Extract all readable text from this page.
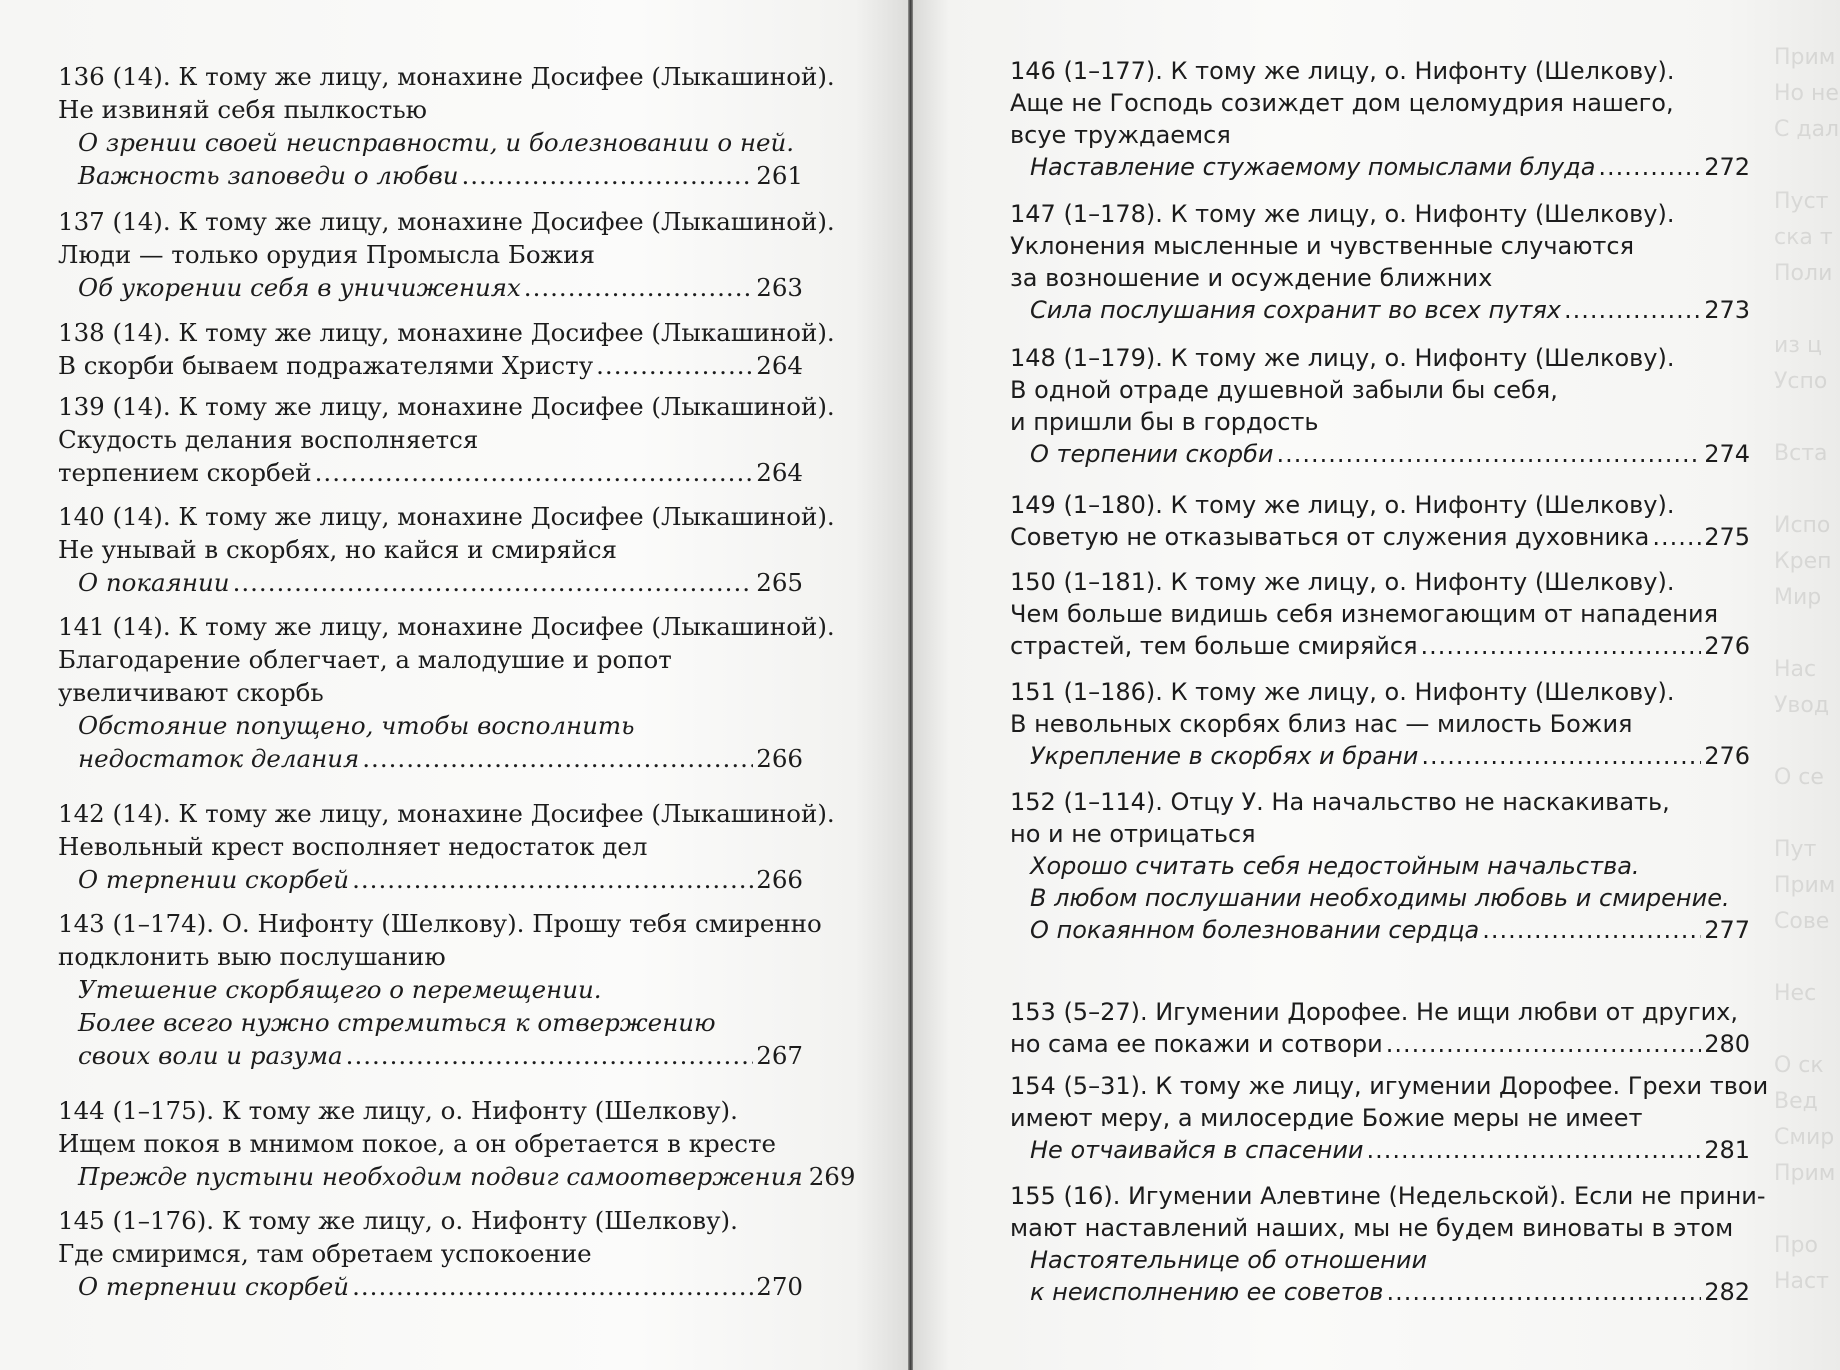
136 (14). К тому же лицу, монахине Досифее (Лыкашиной).
Не извиняй себя пылкостью
О зрении своей неисправности, и болезновании о ней.
Важность заповеди о любви .....	261
137 (14). К тому же лицу, монахине Досифее (Лыкашиной).
Люди — только орудия Промысла Божия
Об укорении себя в уничижениях .....	263
138 (14). К тому же лицу, монахине Досифее (Лыкашиной).
В скорби бываем подражателями Христу .....	264
139 (14). К тому же лицу, монахине Досифее (Лыкашиной).
Скудость делания восполняется
терпением скорбей .....	264
140 (14). К тому же лицу, монахине Досифее (Лыкашиной).
Не унывай в скорбях, но кайся и смиряйся
О покаянии .....	265
141 (14). К тому же лицу, монахине Досифее (Лыкашиной).
Благодарение облегчает, а малодушие и ропот
увеличивают скорбь
Обстояние попущено, чтобы восполнить
недостаток делания .....	266
142 (14). К тому же лицу, монахине Досифее (Лыкашиной).
Невольный крест восполняет недостаток дел
О терпении скорбей .....	266
143 (1–174). О. Нифонту (Шелкову). Прошу тебя смиренно
подклонить выю послушанию
Утешение скорбящего о перемещении.
Более всего нужно стремиться к отвержению
своих воли и разума .....	267
144 (1–175). К тому же лицу, о. Нифонту (Шелкову).
Ищем покоя в мнимом покое, а он обретается в кресте
Прежде пустыни необходим подвиг самоотвержения 269
145 (1–176). К тому же лицу, о. Нифонту (Шелкову).
Где смиримся, там обретаем успокоение
О терпении скорбей .....	270
Прим
Но не
С дал

Пуст
ска т
Поли

из ц
Успо

Вста

Испо
Креп
Мир

Нас
Увод

О се

Пут
Прим
Сове

Нес

О ск
Вед
Смир
Прим

Про
Наст
146 (1–177). К тому же лицу, о. Нифонту (Шелкову).
Аще не Господь созиждет дом целомудрия нашего,
всуе труждаемся
Наставление стужаемому помыслами блуда .....	272
147 (1–178). К тому же лицу, о. Нифонту (Шелкову).
Уклонения мысленные и чувственные случаются
за возношение и осуждение ближних
Сила послушания сохранит во всех путях .....	273
148 (1–179). К тому же лицу, о. Нифонту (Шелкову).
В одной отраде душевной забыли бы себя,
и пришли бы в гордость
О терпении скорби .....	274
149 (1–180). К тому же лицу, о. Нифонту (Шелкову).
Советую не отказываться от служения духовника ..... 275
150 (1–181). К тому же лицу, о. Нифонту (Шелкову).
Чем больше видишь себя изнемогающим от нападения
страстей, тем больше смиряйся .....	276
151 (1–186). К тому же лицу, о. Нифонту (Шелкову).
В невольных скорбях близ нас — милость Божия
Укрепление в скорбях и брани .....	276
152 (1–114). Отцу У. На начальство не наскакивать,
но и не отрицаться
Хорошо считать себя недостойным начальства.
В любом послушании необходимы любовь и смирение.
О покаянном болезновании сердца .....	277
153 (5–27). Игумении Дорофее. Не ищи любви от других,
но сама ее покажи и сотвори .....	280
154 (5–31). К тому же лицу, игумении Дорофее. Грехи твои
имеют меру, а милосердие Божие меры не имеет
Не отчаивайся в спасении .....	281
155 (16). Игумении Алевтине (Недельской). Если не прини-
мают наставлений наших, мы не будем виноваты в этом
Настоятельнице об отношении
к неисполнению ее советов .....	282
